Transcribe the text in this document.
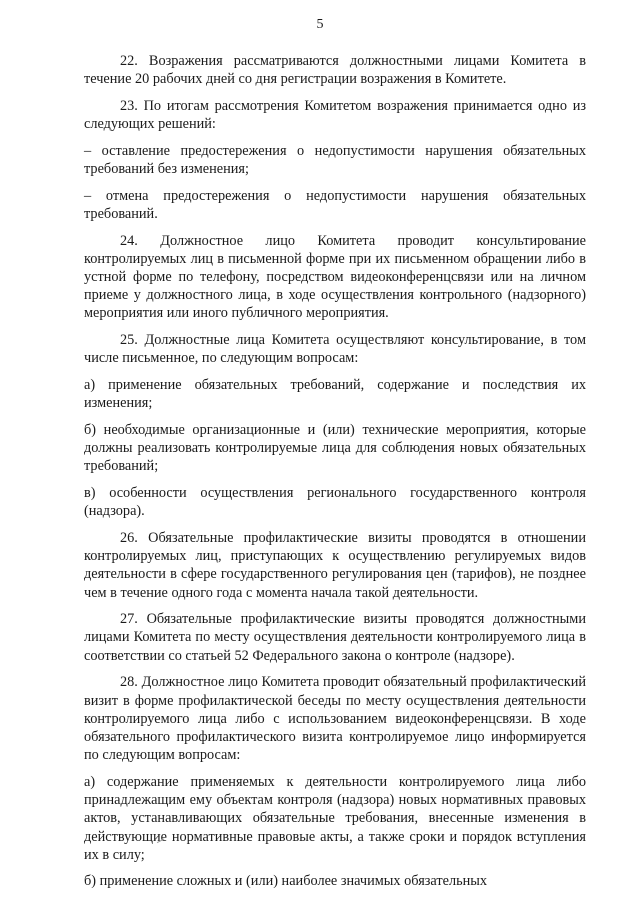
5

22. Возражения рассматриваются должностными лицами Комитета в течение 20 рабочих дней со дня регистрации возражения в Комитете.

23. По итогам рассмотрения Комитетом возражения принимается одно из следующих решений:

– оставление предостережения о недопустимости нарушения обязательных требований без изменения;

– отмена предостережения о недопустимости нарушения обязательных требований.

24. Должностное лицо Комитета проводит консультирование контролируемых лиц в письменной форме при их письменном обращении либо в устной форме по телефону, посредством видеоконференцсвязи или на личном приеме у должностного лица, в ходе осуществления контрольного (надзорного) мероприятия или иного публичного мероприятия.

25. Должностные лица Комитета осуществляют консультирование, в том числе письменное, по следующим вопросам:

а) применение обязательных требований, содержание и последствия их изменения;

б) необходимые организационные и (или) технические мероприятия, которые должны реализовать контролируемые лица для соблюдения новых обязательных требований;

в) особенности осуществления регионального государственного контроля (надзора).

26. Обязательные профилактические визиты проводятся в отношении контролируемых лиц, приступающих к осуществлению регулируемых видов деятельности в сфере государственного регулирования цен (тарифов), не позднее чем в течение одного года с момента начала такой деятельности.

27. Обязательные профилактические визиты проводятся должностными лицами Комитета по месту осуществления деятельности контролируемого лица в соответствии со статьей 52 Федерального закона о контроле (надзоре).

28. Должностное лицо Комитета проводит обязательный профилактический визит в форме профилактической беседы по месту осуществления деятельности контролируемого лица либо с использованием видеоконференцсвязи. В ходе обязательного профилактического визита контролируемое лицо информируется по следующим вопросам:

а) содержание применяемых к деятельности контролируемого лица либо принадлежащим ему объектам контроля (надзора) новых нормативных правовых актов, устанавливающих обязательные требования, внесенные изменения в действующие нормативные правовые акты, а также сроки и порядок вступления их в силу;

б) применение сложных и (или) наиболее значимых обязательных
